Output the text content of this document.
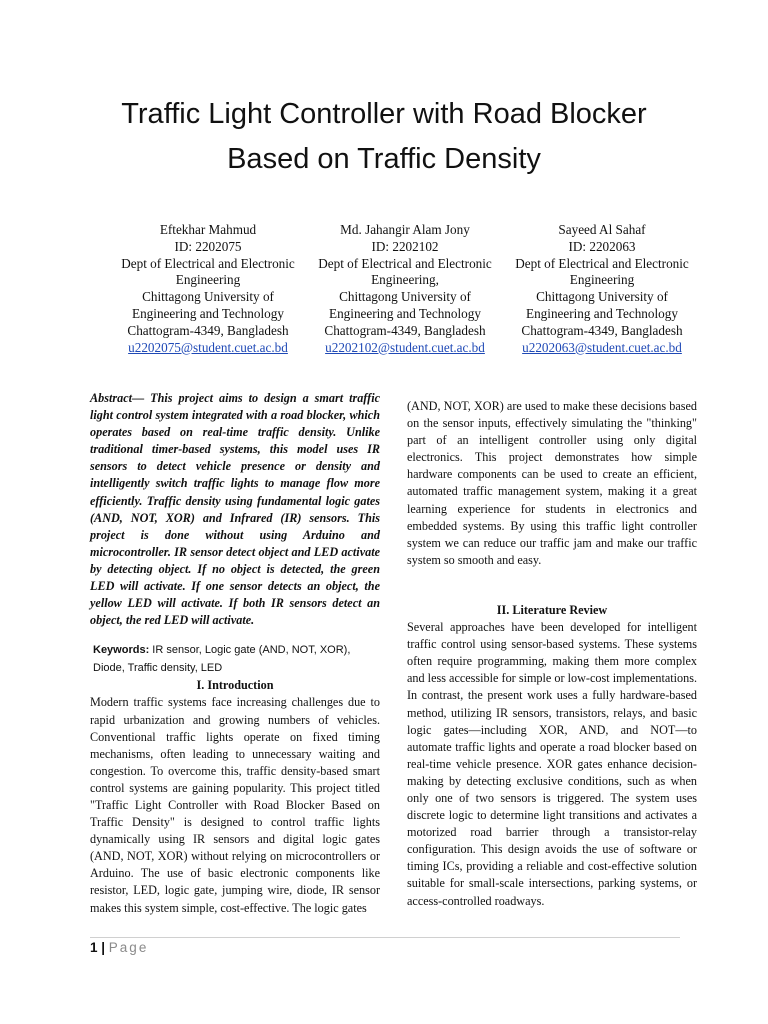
Traffic Light Controller with Road Blocker
Based on Traffic Density
Eftekhar Mahmud
ID: 2202075
Dept of Electrical and Electronic
Engineering
Chittagong University of
Engineering and Technology
Chattogram-4349, Bangladesh
u2202075@student.cuet.ac.bd
Md. Jahangir Alam Jony
ID: 2202102
Dept of Electrical and Electronic
Engineering,
Chittagong University of
Engineering and Technology
Chattogram-4349, Bangladesh
u2202102@student.cuet.ac.bd
Sayeed Al Sahaf
ID: 2202063
Dept of Electrical and Electronic
Engineering
Chittagong University of
Engineering and Technology
Chattogram-4349, Bangladesh
u2202063@student.cuet.ac.bd

Abstract— This project aims to design a smart traffic light control system integrated with a road blocker, which operates based on real-time traffic density. Unlike traditional timer-based systems, this model uses IR sensors to detect vehicle presence or density and intelligently switch traffic lights to manage flow more efficiently. Traffic density using fundamental logic gates (AND, NOT, XOR) and Infrared (IR) sensors. This project is done without using Arduino and microcontroller. IR sensor detect object and LED activate by detecting object. If no object is detected, the green LED will activate. If one sensor detects an object, the yellow LED will activate. If both IR sensors detect an object, the red LED will activate.

Keywords: IR sensor, Logic gate (AND, NOT, XOR), Diode, Traffic density, LED

I. Introduction

Modern traffic systems face increasing challenges due to rapid urbanization and growing numbers of vehicles. Conventional traffic lights operate on fixed timing mechanisms, often leading to unnecessary waiting and congestion. To overcome this, traffic density-based smart control systems are gaining popularity. This project titled "Traffic Light Controller with Road Blocker Based on Traffic Density" is designed to control traffic lights dynamically using IR sensors and digital logic gates (AND, NOT, XOR) without relying on microcontrollers or Arduino. The use of basic electronic components like resistor, LED, logic gate, jumping wire, diode, IR sensor makes this system simple, cost-effective. The logic gates

(AND, NOT, XOR) are used to make these decisions based on the sensor inputs, effectively simulating the "thinking" part of an intelligent controller using only digital electronics. This project demonstrates how simple hardware components can be used to create an efficient, automated traffic management system, making it a great learning experience for students in electronics and embedded systems. By using this traffic light controller system we can reduce our traffic jam and make our traffic system so smooth and easy.

II. Literature Review

Several approaches have been developed for intelligent traffic control using sensor-based systems. These systems often require programming, making them more complex and less accessible for simple or low-cost implementations. In contrast, the present work uses a fully hardware-based method, utilizing IR sensors, transistors, relays, and basic logic gates—including XOR, AND, and NOT—to automate traffic lights and operate a road blocker based on real-time vehicle presence. XOR gates enhance decision-making by detecting exclusive conditions, such as when only one of two sensors is triggered. The system uses discrete logic to determine light transitions and activates a motorized road barrier through a transistor-relay configuration. This design avoids the use of software or timing ICs, providing a reliable and cost-effective solution suitable for small-scale intersections, parking systems, or access-controlled roadways.

1 | Page
